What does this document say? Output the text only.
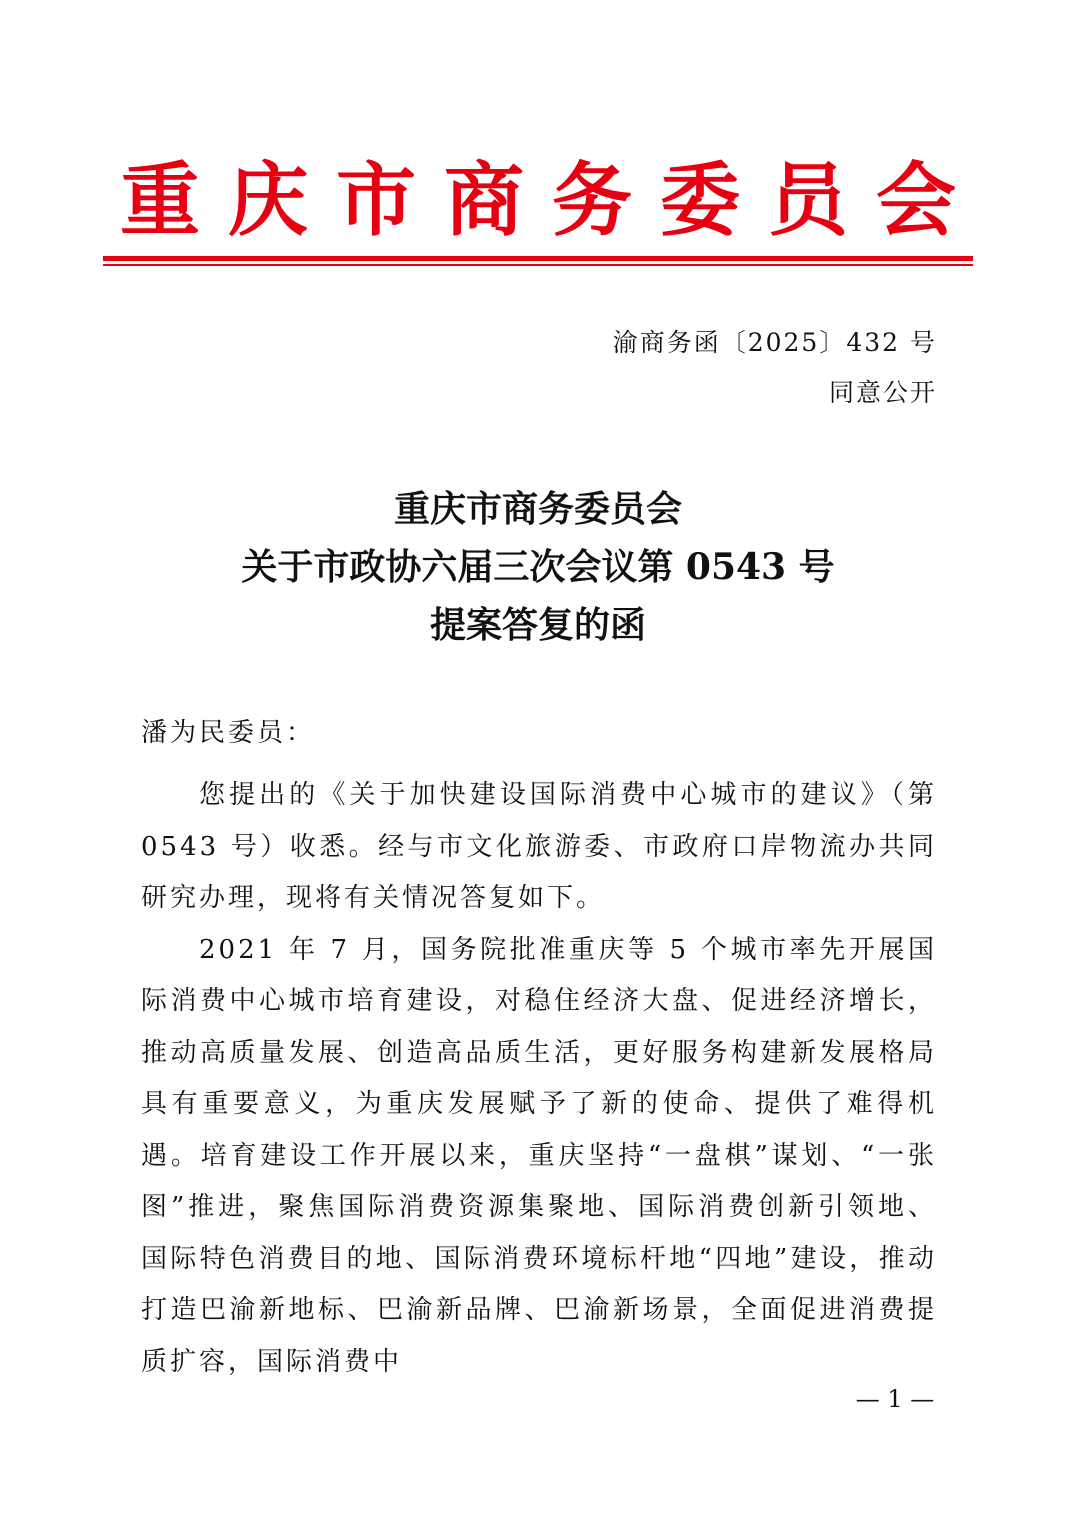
重庆市商务委员会
渝商务函〔2025〕432 号
同意公开
重庆市商务委员会
关于市政协六届三次会议第 0543 号
提案答复的函
潘为民委员：

您提出的《关于加快建设国际消费中心城市的建议》（第0543 号）收悉。经与市文化旅游委、市政府口岸物流办共同研究办理，现将有关情况答复如下。

2021 年 7 月，国务院批准重庆等 5 个城市率先开展国际消费中心城市培育建设，对稳住经济大盘、促进经济增长，推动高质量发展、创造高品质生活，更好服务构建新发展格局具有重要意义，为重庆发展赋予了新的使命、提供了难得机遇。培育建设工作开展以来，重庆坚持“一盘棋”谋划、“一张图”推进，聚焦国际消费资源集聚地、国际消费创新引领地、国际特色消费目的地、国际消费环境标杆地“四地”建设，推动打造巴渝新地标、巴渝新品牌、巴渝新场景，全面促进消费提质扩容，国际消费中

— 1 —
